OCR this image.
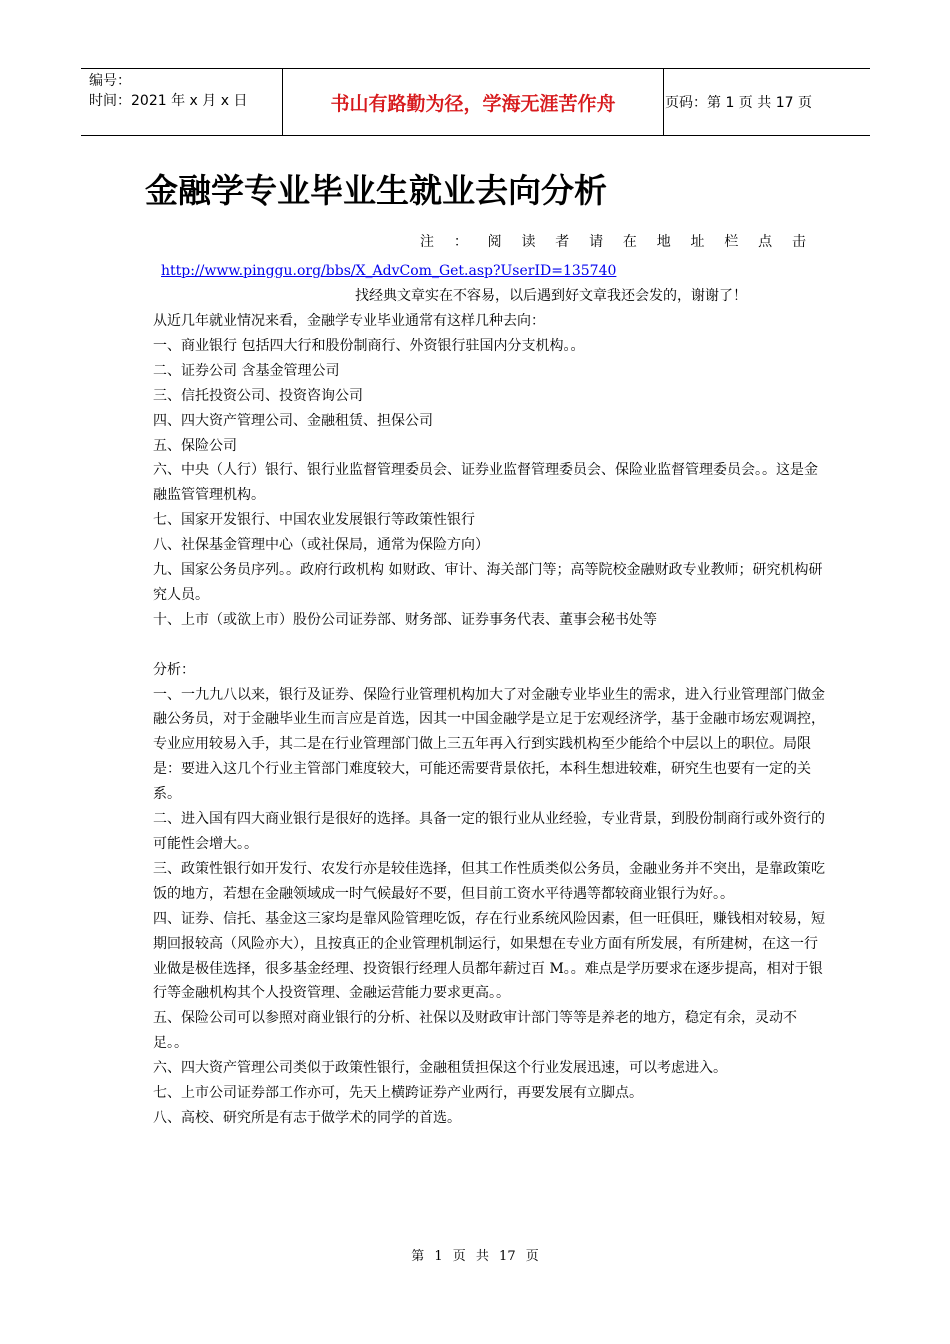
编号：
时间：2021 年 x 月 x 日	书山有路勤为径，学海无涯苦作舟	页码：第 1 页 共 17 页
金融学专业毕业生就业去向分析
注 ： 阅 读 者 请 在 地 址 栏 点 击
http://www.pinggu.org/bbs/X_AdvCom_Get.asp?UserID=135740
找经典文章实在不容易，以后遇到好文章我还会发的，谢谢了！

从近几年就业情况来看，金融学专业毕业通常有这样几种去向：

一、商业银行 包括四大行和股份制商行、外资银行驻国内分支机构。。

二、证券公司 含基金管理公司

三、信托投资公司、投资咨询公司

四、四大资产管理公司、金融租赁、担保公司

五、保险公司

六、中央（人行）银行、银行业监督管理委员会、证券业监督管理委员会、保险业监督管理委员会。。这是金融监管管理机构。

七、国家开发银行、中国农业发展银行等政策性银行

八、社保基金管理中心（或社保局，通常为保险方向）

九、国家公务员序列。。政府行政机构 如财政、审计、海关部门等；高等院校金融财政专业教师；研究机构研究人员。

十、上市（或欲上市）股份公司证券部、财务部、证券事务代表、董事会秘书处等

分析：

一、一九九八以来，银行及证券、保险行业管理机构加大了对金融专业毕业生的需求，进入行业管理部门做金融公务员，对于金融毕业生而言应是首选，因其一中国金融学是立足于宏观经济学，基于金融市场宏观调控，专业应用较易入手，其二是在行业管理部门做上三五年再入行到实践机构至少能给个中层以上的职位。局限是：要进入这几个行业主管部门难度较大，可能还需要背景依托，本科生想进较难，研究生也要有一定的关系。

二、进入国有四大商业银行是很好的选择。具备一定的银行业从业经验，专业背景，到股份制商行或外资行的可能性会增大。。

三、政策性银行如开发行、农发行亦是较佳选择，但其工作性质类似公务员，金融业务并不突出，是靠政策吃饭的地方，若想在金融领域成一时气候最好不要，但目前工资水平待遇等都较商业银行为好。。

四、证券、信托、基金这三家均是靠风险管理吃饭，存在行业系统风险因素，但一旺俱旺，赚钱相对较易，短期回报较高（风险亦大），且按真正的企业管理机制运行，如果想在专业方面有所发展，有所建树，在这一行业做是极佳选择，很多基金经理、投资银行经理人员都年薪过百 M。。难点是学历要求在逐步提高，相对于银行等金融机构其个人投资管理、金融运营能力要求更高。。

五、保险公司可以参照对商业银行的分析、社保以及财政审计部门等等是养老的地方，稳定有余，灵动不足。。

六、四大资产管理公司类似于政策性银行，金融租赁担保这个行业发展迅速，可以考虑进入。

七、上市公司证券部工作亦可，先天上横跨证券产业两行，再要发展有立脚点。

八、高校、研究所是有志于做学术的同学的首选。

第 1 页 共 17 页
